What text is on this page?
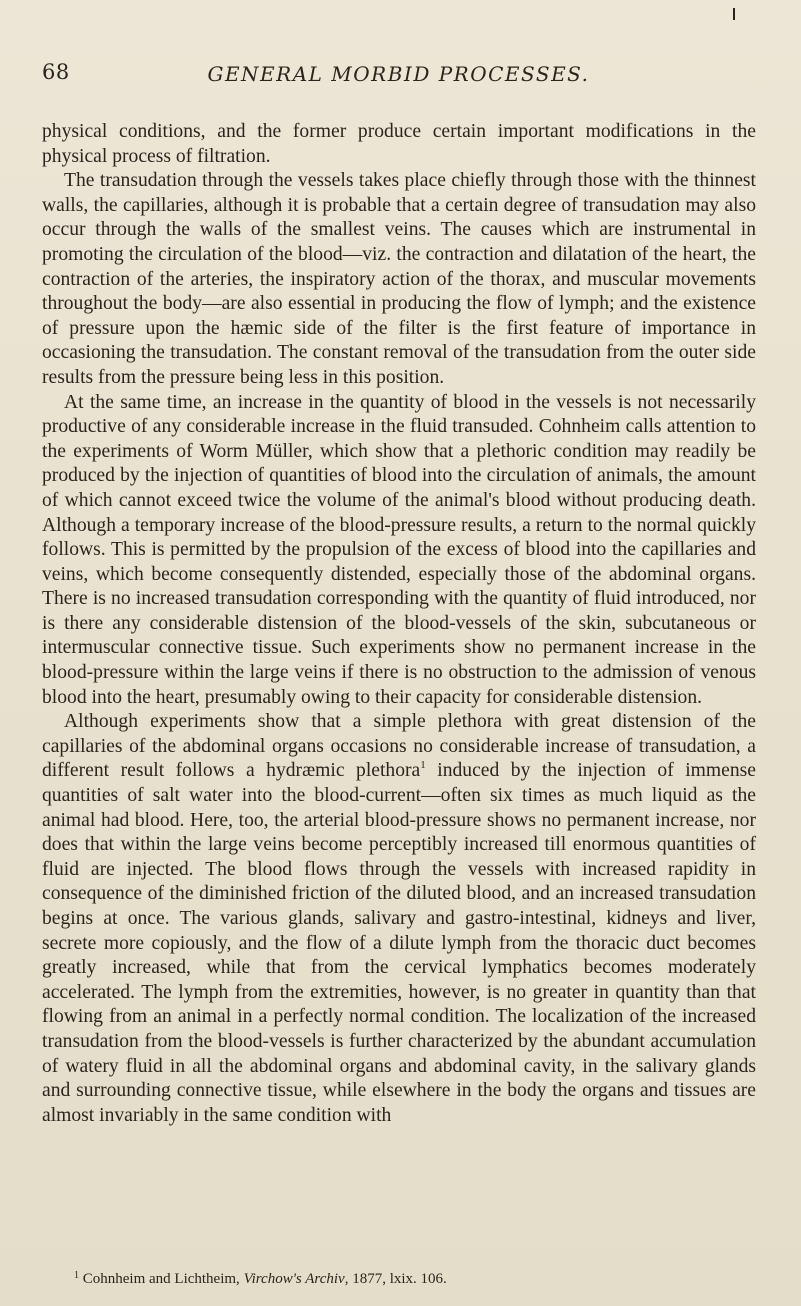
68	GENERAL MORBID PROCESSES.

physical conditions, and the former produce certain important modifications in the physical process of filtration.

The transudation through the vessels takes place chiefly through those with the thinnest walls, the capillaries, although it is probable that a certain degree of transudation may also occur through the walls of the smallest veins. The causes which are instrumental in promoting the circulation of the blood—viz. the contraction and dilatation of the heart, the contraction of the arteries, the inspiratory action of the thorax, and muscular movements throughout the body—are also essential in producing the flow of lymph; and the existence of pressure upon the hæmic side of the filter is the first feature of importance in occasioning the transudation. The constant removal of the transudation from the outer side results from the pressure being less in this position.

At the same time, an increase in the quantity of blood in the vessels is not necessarily productive of any considerable increase in the fluid transuded. Cohnheim calls attention to the experiments of Worm Müller, which show that a plethoric condition may readily be produced by the injection of quantities of blood into the circulation of animals, the amount of which cannot exceed twice the volume of the animal's blood without producing death. Although a temporary increase of the blood-pressure results, a return to the normal quickly follows. This is permitted by the propulsion of the excess of blood into the capillaries and veins, which become consequently distended, especially those of the abdominal organs. There is no increased transudation corresponding with the quantity of fluid introduced, nor is there any considerable distension of the blood-vessels of the skin, subcutaneous or intermuscular connective tissue. Such experiments show no permanent increase in the blood-pressure within the large veins if there is no obstruction to the admission of venous blood into the heart, presumably owing to their capacity for considerable distension.

Although experiments show that a simple plethora with great distension of the capillaries of the abdominal organs occasions no considerable increase of transudation, a different result follows a hydræmic plethora$^1$ induced by the injection of immense quantities of salt water into the blood-current—often six times as much liquid as the animal had blood. Here, too, the arterial blood-pressure shows no permanent increase, nor does that within the large veins become perceptibly increased till enormous quantities of fluid are injected. The blood flows through the vessels with increased rapidity in consequence of the diminished friction of the diluted blood, and an increased transudation begins at once. The various glands, salivary and gastro-intestinal, kidneys and liver, secrete more copiously, and the flow of a dilute lymph from the thoracic duct becomes greatly increased, while that from the cervical lymphatics becomes moderately accelerated. The lymph from the extremities, however, is no greater in quantity than that flowing from an animal in a perfectly normal condition. The localization of the increased transudation from the blood-vessels is further characterized by the abundant accumulation of watery fluid in all the abdominal organs and abdominal cavity, in the salivary glands and surrounding connective tissue, while elsewhere in the body the organs and tissues are almost invariably in the same condition with

$^1$ Cohnheim and Lichtheim, Virchow's Archiv, 1877, lxix. 106.
